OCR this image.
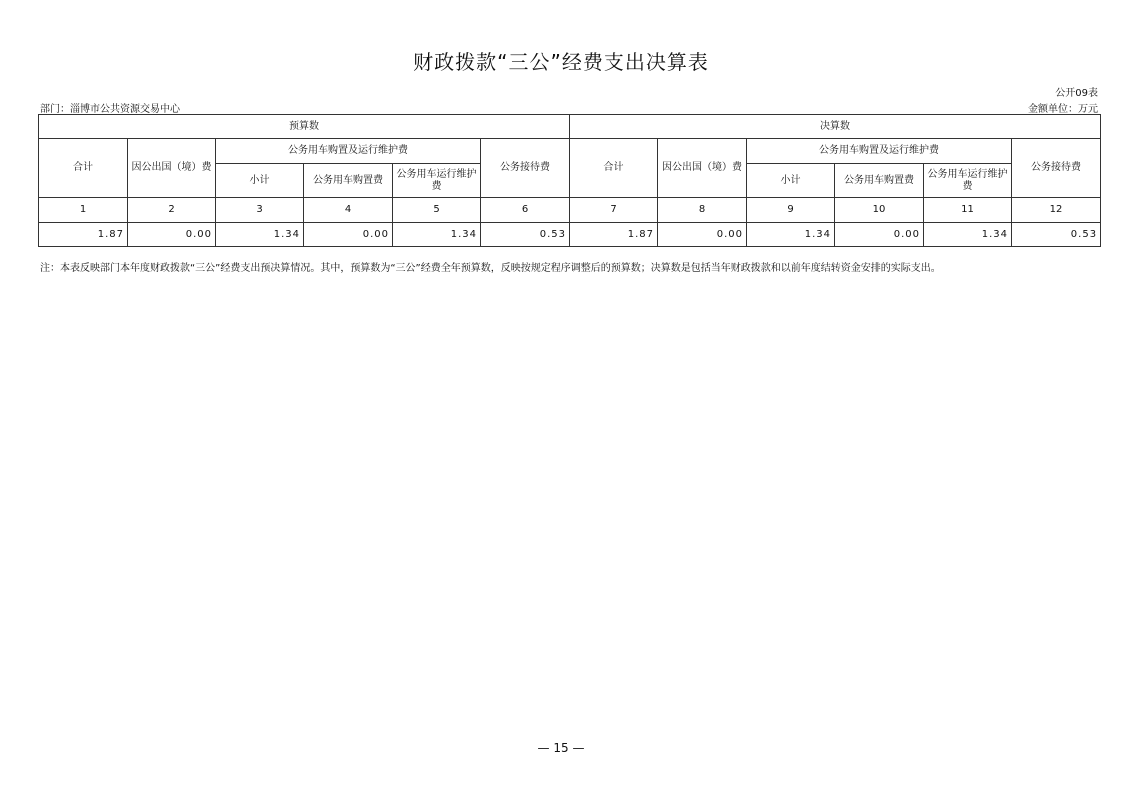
财政拨款“三公”经费支出决算表
公开09表
部门：淄博市公共资源交易中心	金额单位：万元
预算数						决算数					
合计	因公出国（境）费	公务用车购置及运行维护费			公务接待费	合计	因公出国（境）费	公务用车购置及运行维护费			公务接待费
		小计	公务用车购置费	公务用车运行维护费				小计	公务用车购置费	公务用车运行维护费	
1	2	3	4	5	6	7	8	9	10	11	12
1.87	0.00	1.34	0.00	1.34	0.53	1.87	0.00	1.34	0.00	1.34	0.53
注：本表反映部门本年度财政拨款“三公”经费支出预决算情况。其中，预算数为“三公”经费全年预算数，反映按规定程序调整后的预算数；决算数是包括当年财政拨款和以前年度结转资金安排的实际支出。
— 15 —
